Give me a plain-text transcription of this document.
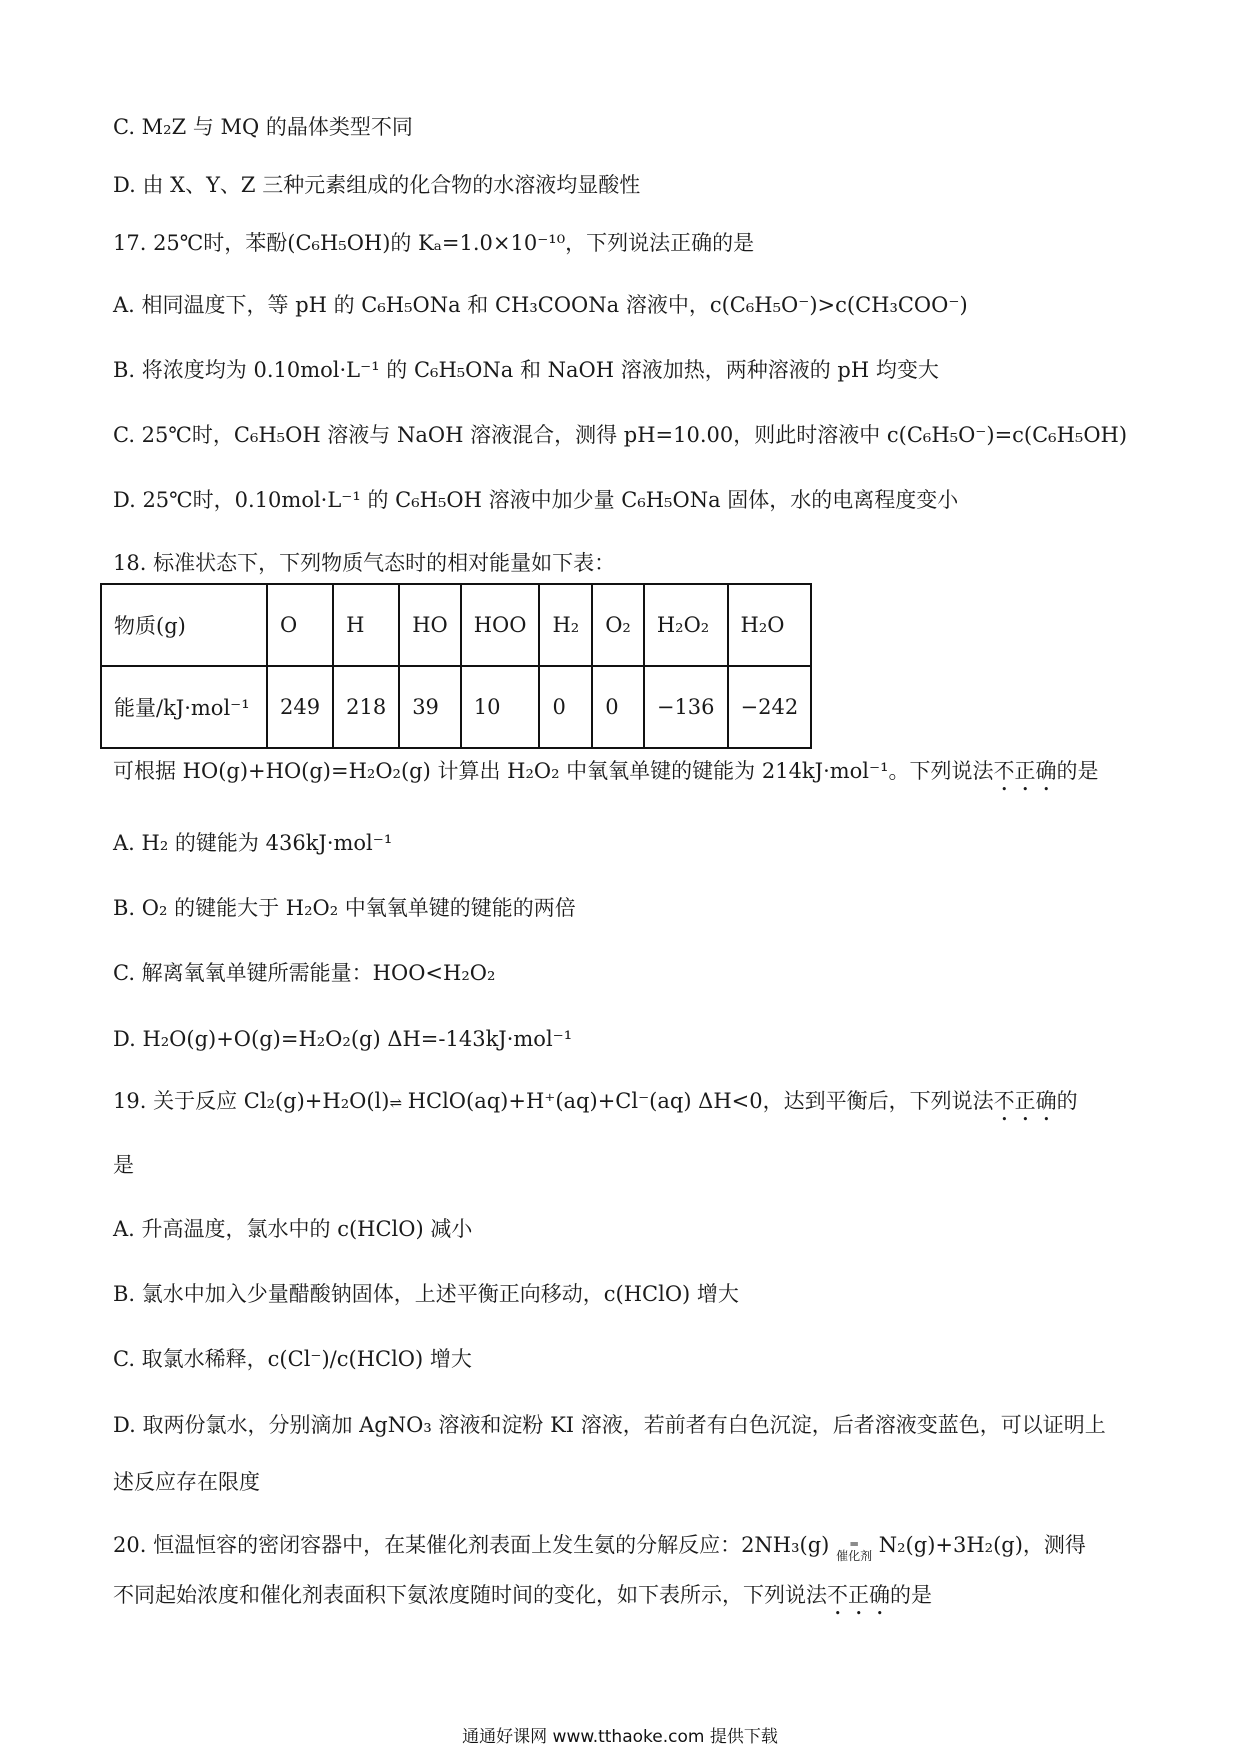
C. M₂Z 与 MQ 的晶体类型不同
D. 由 X、Y、Z 三种元素组成的化合物的水溶液均显酸性
17. 25℃时，苯酚(C₆H₅OH)的 Kₐ=1.0×10⁻¹⁰，下列说法正确的是
A. 相同温度下，等 pH 的 C₆H₅ONa 和 CH₃COONa 溶液中，c(C₆H₅O⁻)>c(CH₃COO⁻)
B. 将浓度均为 0.10mol·L⁻¹ 的 C₆H₅ONa 和 NaOH 溶液加热，两种溶液的 pH 均变大
C. 25℃时，C₆H₅OH 溶液与 NaOH 溶液混合，测得 pH=10.00，则此时溶液中 c(C₆H₅O⁻)=c(C₆H₅OH)
D. 25℃时，0.10mol·L⁻¹ 的 C₆H₅OH 溶液中加少量 C₆H₅ONa 固体，水的电离程度变小
18. 标准状态下，下列物质气态时的相对能量如下表：
物质(g)	O	H	HO	HOO	H₂	O₂	H₂O₂	H₂O
能量/kJ·mol⁻¹	249	218	39	10	0	0	−136	−242
可根据 HO(g)+HO(g)=H₂O₂(g) 计算出 H₂O₂ 中氧氧单键的键能为 214kJ·mol⁻¹。下列说法不正确的是
A. H₂ 的键能为 436kJ·mol⁻¹
B. O₂ 的键能大于 H₂O₂ 中氧氧单键的键能的两倍
C. 解离氧氧单键所需能量：HOO<H₂O₂
D. H₂O(g)+O(g)=H₂O₂(g) ΔH=-143kJ·mol⁻¹
19. 关于反应 Cl₂(g)+H₂O(l)⇌ HClO(aq)+H⁺(aq)+Cl⁻(aq) ΔH<0，达到平衡后，下列说法不正确的
是
A. 升高温度，氯水中的 c(HClO) 减小
B. 氯水中加入少量醋酸钠固体，上述平衡正向移动，c(HClO) 增大
C. 取氯水稀释，c(Cl⁻)/c(HClO) 增大
D. 取两份氯水，分别滴加 AgNO₃ 溶液和淀粉 KI 溶液，若前者有白色沉淀，后者溶液变蓝色，可以证明上
述反应存在限度
20. 恒温恒容的密闭容器中，在某催化剂表面上发生氨的分解反应：2NH₃(g) ═
催化剂 N₂(g)+3H₂(g)，测得
不同起始浓度和催化剂表面积下氨浓度随时间的变化，如下表所示，下列说法不正确的是
通通好课网 www.tthaoke.com 提供下载
